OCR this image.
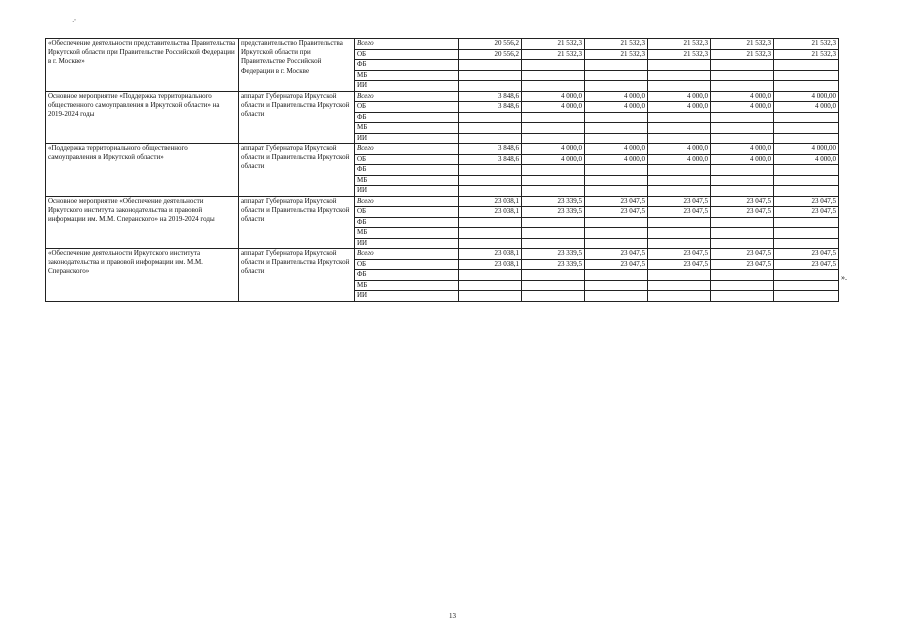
·'
«Обеспечение деятельности представительства Правительства Иркутской области при Правительстве Российской Федерации в г. Москве»	представительство Правительства Иркутской области при Правительстве Российской Федерации в г. Москве	Всего	20 556,2	21 532,3	21 532,3	21 532,3	21 532,3	21 532,3
		ОБ	20 556,2	21 532,3	21 532,3	21 532,3	21 532,3	21 532,3
		ФБ						
		МБ						
		ИИ						
Основное мероприятие «Поддержка территориального общественного самоуправления в Иркутской области» на 2019-2024 годы	аппарат Губернатора Иркутской области и Правительства Иркутской области	Всего	3 848,6	4 000,0	4 000,0	4 000,0	4 000,0	4 000,00
		ОБ	3 848,6	4 000,0	4 000,0	4 000,0	4 000,0	4 000,0
		ФБ						
		МБ						
		ИИ						
«Поддержка территориального общественного самоуправления в Иркутской области»	аппарат Губернатора Иркутской области и Правительства Иркутской области	Всего	3 848,6	4 000,0	4 000,0	4 000,0	4 000,0	4 000,00
		ОБ	3 848,6	4 000,0	4 000,0	4 000,0	4 000,0	4 000,0
		ФБ						
		МБ						
		ИИ						
Основное мероприятие «Обеспечение деятельности Иркутского института законодательства и правовой информации им. М.М. Сперанского» на 2019-2024 годы	аппарат Губернатора Иркутской области и Правительства Иркутской области	Всего	23 038,1	23 339,5	23 047,5	23 047,5	23 047,5	23 047,5
		ОБ	23 038,1	23 339,5	23 047,5	23 047,5	23 047,5	23 047,5
		ФБ						
		МБ						
		ИИ						
«Обеспечение деятельности Иркутского института законодательства и правовой информации им. М.М. Сперанского»	аппарат Губернатора Иркутской области и Правительства Иркутской области	Всего	23 038,1	23 339,5	23 047,5	23 047,5	23 047,5	23 047,5
		ОБ	23 038,1	23 339,5	23 047,5	23 047,5	23 047,5	23 047,5
		ФБ						
		МБ						
		ИИ						
».
13
